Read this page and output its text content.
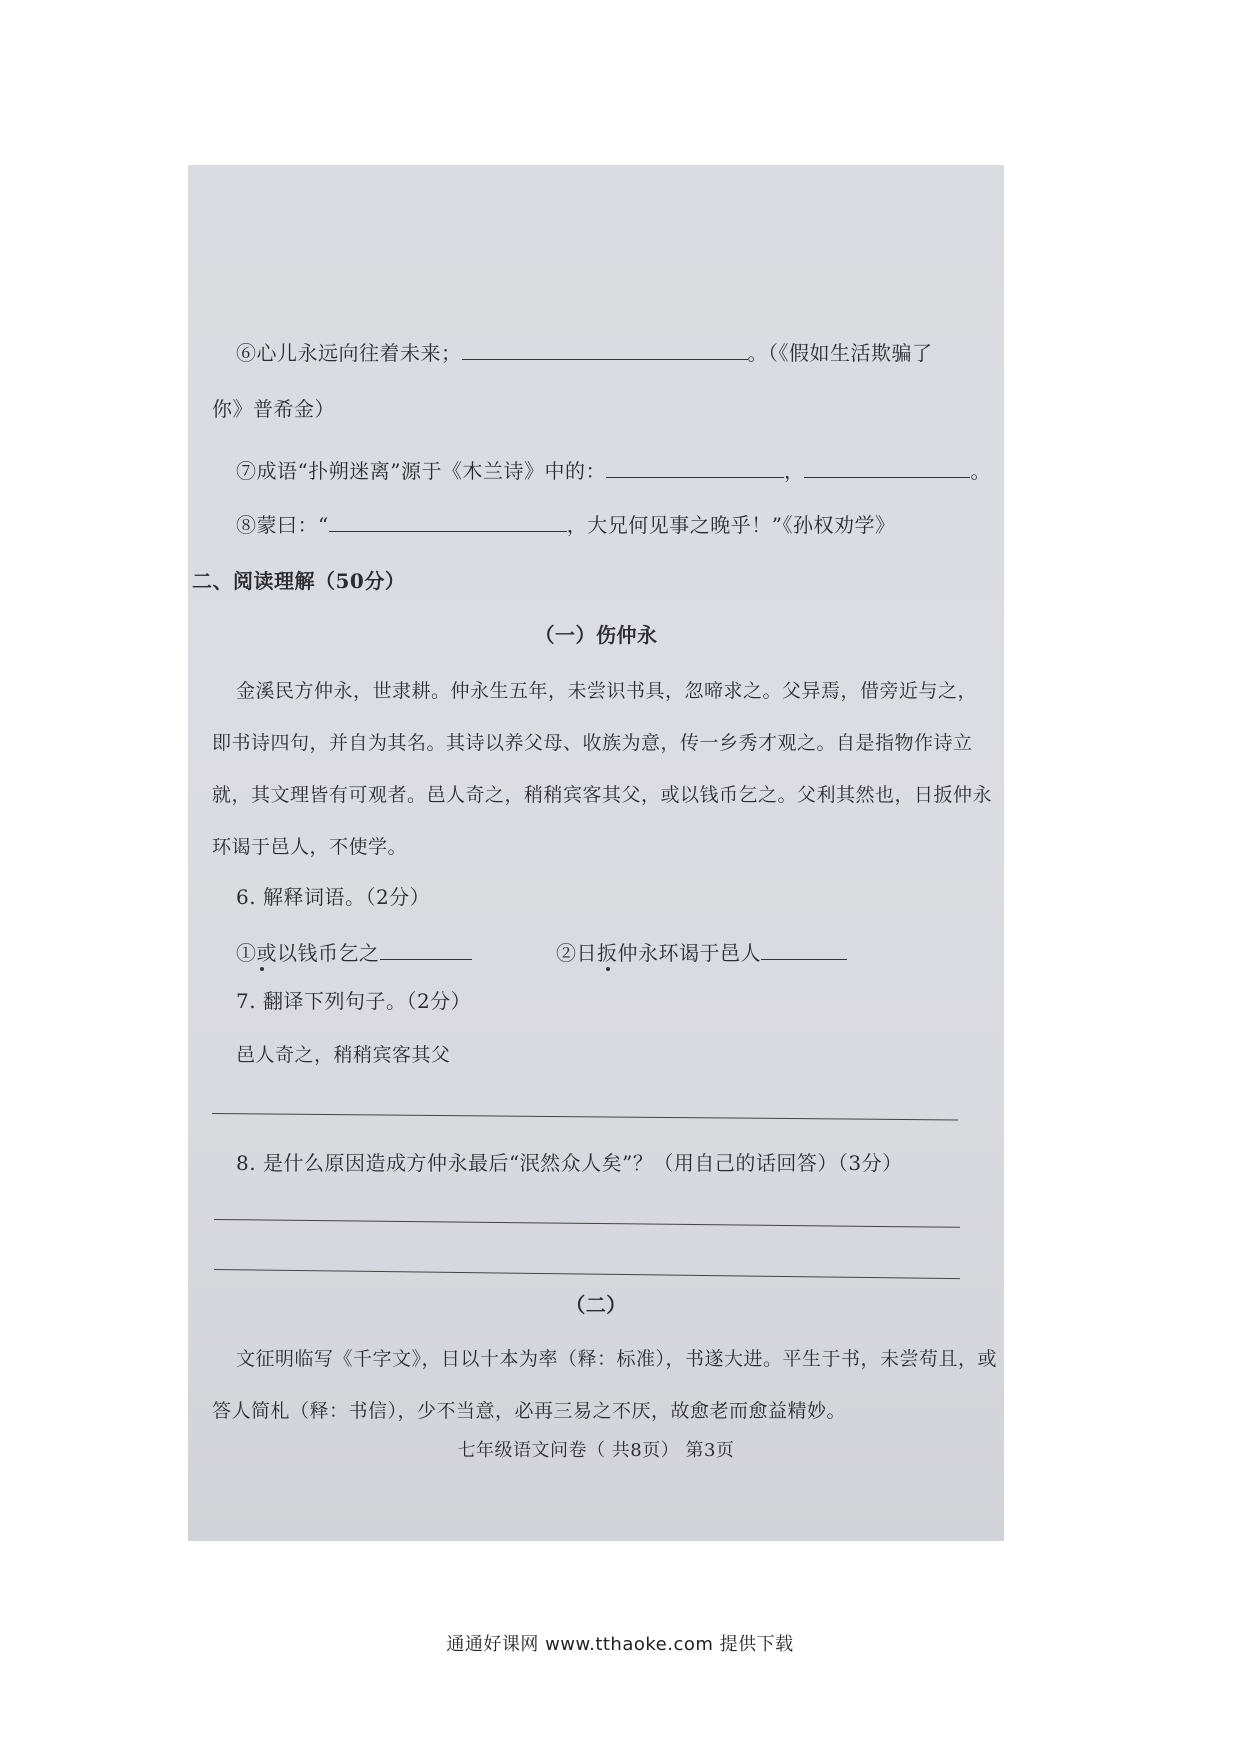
⑥心儿永远向往着未来；	。（《假如生活欺骗了
你》普希金）
⑦成语“扑朔迷离”源于《木兰诗》中的：	，	。
⑧蒙曰：“	，大兄何见事之晚乎！”《孙权劝学》
二、阅读理解（50分）
（一）伤仲永
金溪民方仲永，世隶耕。仲永生五年，未尝识书具，忽啼求之。父异焉，借旁近与之，
即书诗四句，并自为其名。其诗以养父母、收族为意，传一乡秀才观之。自是指物作诗立
就，其文理皆有可观者。邑人奇之，稍稍宾客其父，或以钱币乞之。父利其然也，日扳仲永
环谒于邑人，不使学。
6. 解释词语。（2分）
①或以钱币乞之	②日扳仲永环谒于邑人
7. 翻译下列句子。（2分）
邑人奇之，稍稍宾客其父
8. 是什么原因造成方仲永最后“泯然众人矣”？（用自己的话回答）（3分）
（二）
文征明临写《千字文》，日以十本为率（释：标准），书遂大进。平生于书，未尝苟且，或
答人简札（释：书信），少不当意，必再三易之不厌，故愈老而愈益精妙。
七年级语文问卷（ 共8页） 第3页
通通好课网 www.tthaoke.com 提供下载
